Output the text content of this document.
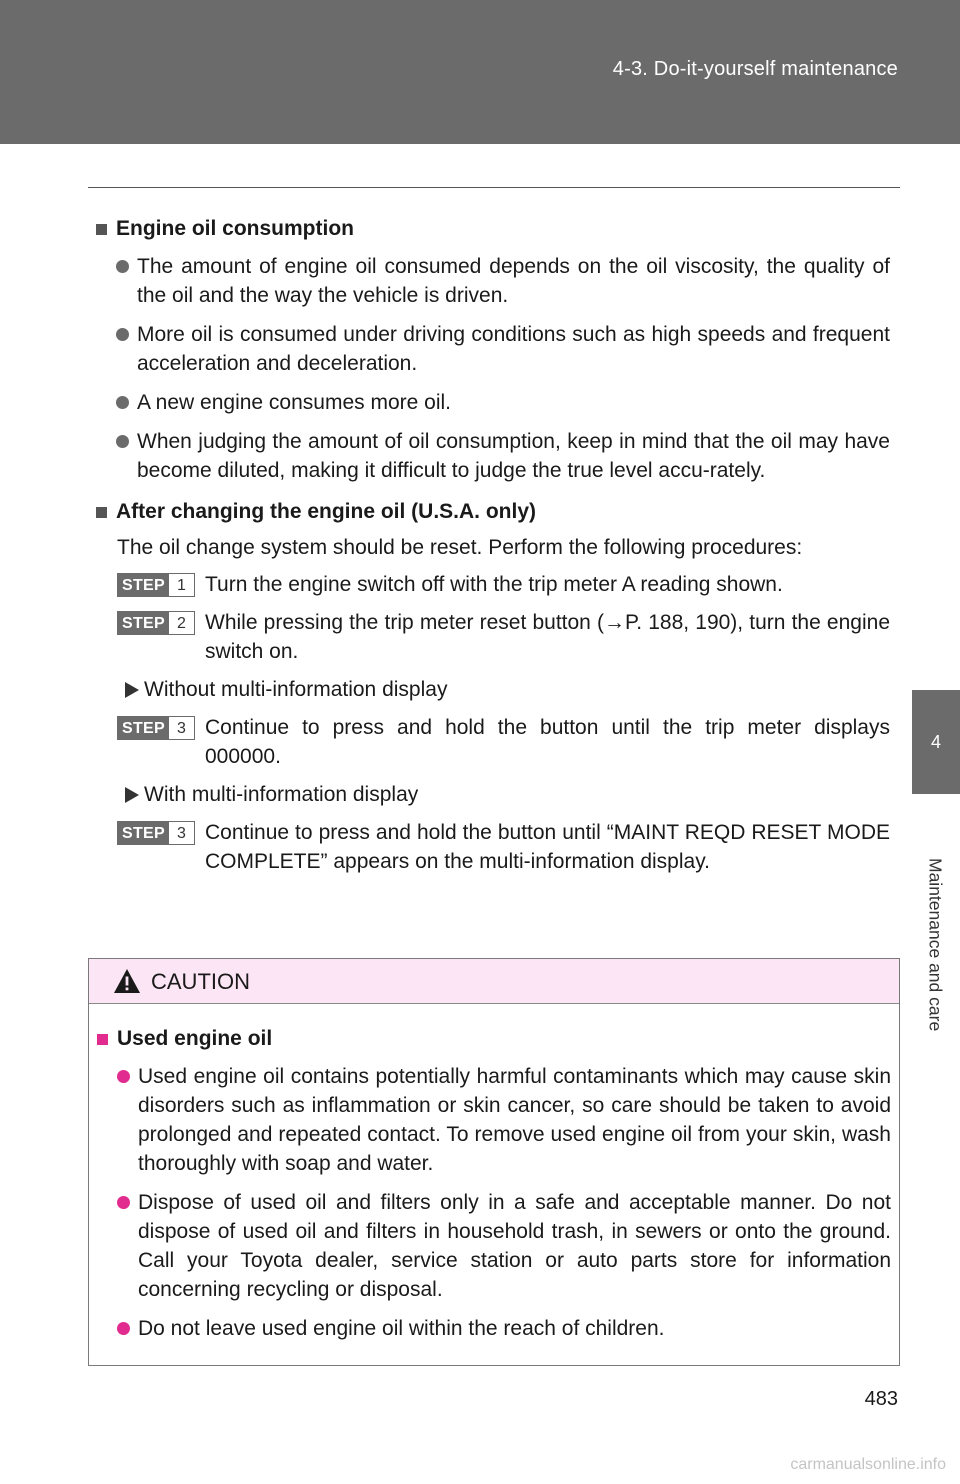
4-3. Do-it-yourself maintenance
4
Maintenance and care
Engine oil consumption
The amount of engine oil consumed depends on the oil viscosity, the quality of the oil and the way the vehicle is driven.
More oil is consumed under driving conditions such as high speeds and frequent acceleration and deceleration.
A new engine consumes more oil.
When judging the amount of oil consumption, keep in mind that the oil may have become diluted, making it difficult to judge the true level accu-rately.
After changing the engine oil (U.S.A. only)
The oil change system should be reset. Perform the following procedures:
STEP 1 Turn the engine switch off with the trip meter A reading shown.
STEP 2 While pressing the trip meter reset button (→P. 188, 190), turn the engine switch on.
Without multi-information display
STEP 3 Continue to press and hold the button until the trip meter displays 000000.
With multi-information display
STEP 3 Continue to press and hold the button until “MAINT REQD RESET MODE COMPLETE” appears on the multi-information display.
CAUTION
Used engine oil
Used engine oil contains potentially harmful contaminants which may cause skin disorders such as inflammation or skin cancer, so care should be taken to avoid prolonged and repeated contact. To remove used engine oil from your skin, wash thoroughly with soap and water.
Dispose of used oil and filters only in a safe and acceptable manner. Do not dispose of used oil and filters in household trash, in sewers or onto the ground. Call your Toyota dealer, service station or auto parts store for information concerning recycling or disposal.
Do not leave used engine oil within the reach of children.
483
carmanualsonline.info
